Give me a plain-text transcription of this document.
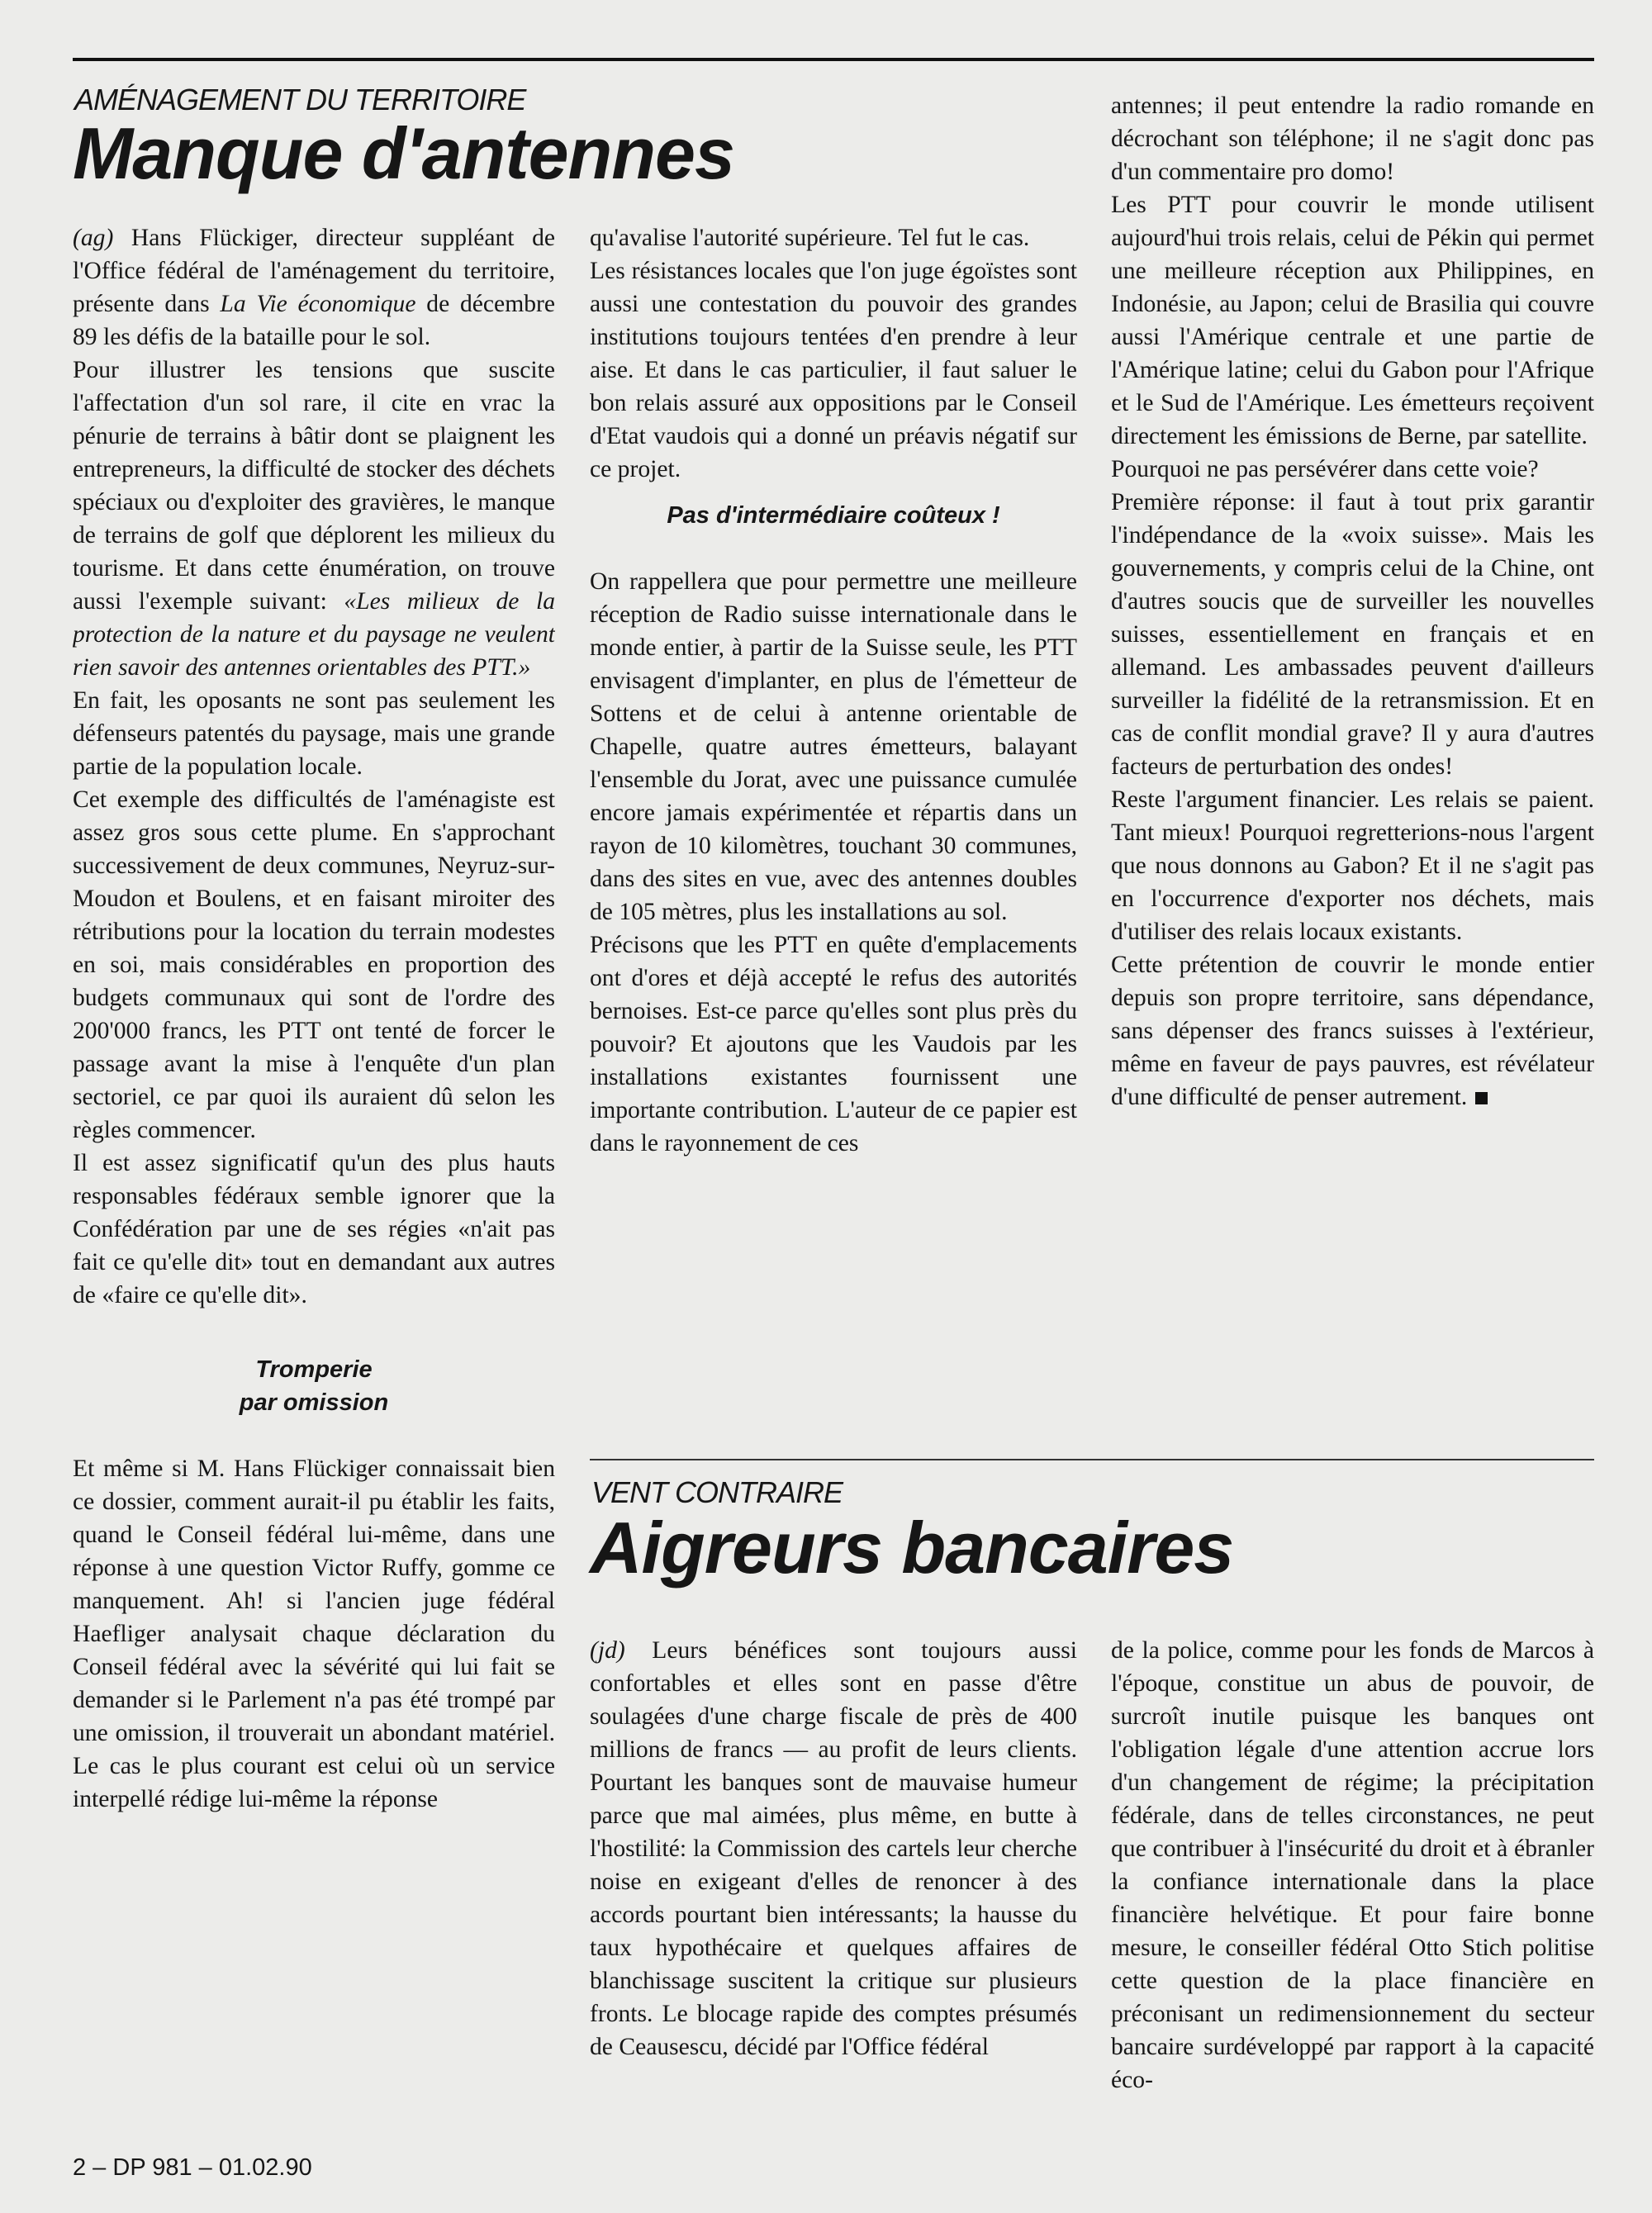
AMÉNAGEMENT DU TERRITOIRE
Manque d'antennes

(ag) Hans Flückiger, directeur suppléant de l'Office fédéral de l'aménagement du territoire, présente dans La Vie économique de décembre 89 les défis de la bataille pour le sol.

Pour illustrer les tensions que suscite l'affectation d'un sol rare, il cite en vrac la pénurie de terrains à bâtir dont se plaignent les entrepreneurs, la difficulté de stocker des déchets spéciaux ou d'exploiter des gravières, le manque de terrains de golf que déplorent les milieux du tourisme. Et dans cette énumération, on trouve aussi l'exemple suivant: «Les milieux de la protection de la nature et du paysage ne veulent rien savoir des antennes orientables des PTT.»

En fait, les oposants ne sont pas seulement les défenseurs patentés du paysage, mais une grande partie de la population locale.

Cet exemple des difficultés de l'aménagiste est assez gros sous cette plume. En s'approchant successivement de deux communes, Neyruz-sur-Moudon et Boulens, et en faisant miroiter des rétributions pour la location du terrain modestes en soi, mais considérables en proportion des budgets communaux qui sont de l'ordre des 200'000 francs, les PTT ont tenté de forcer le passage avant la mise à l'enquête d'un plan sectoriel, ce par quoi ils auraient dû selon les règles commencer.

Il est assez significatif qu'un des plus hauts responsables fédéraux semble ignorer que la Confédération par une de ses régies «n'ait pas fait ce qu'elle dit» tout en demandant aux autres de «faire ce qu'elle dit».

Tromperie

par omission

Et même si M. Hans Flückiger connaissait bien ce dossier, comment aurait-il pu établir les faits, quand le Conseil fédéral lui-même, dans une réponse à une question Victor Ruffy, gomme ce manquement. Ah! si l'ancien juge fédéral Haefliger analysait chaque déclaration du Conseil fédéral avec la sévérité qui lui fait se demander si le Parlement n'a pas été trompé par une omission, il trouverait un abondant matériel. Le cas le plus courant est celui où un service interpellé rédige lui-même la réponse

qu'avalise l'autorité supérieure. Tel fut le cas.

Les résistances locales que l'on juge égoïstes sont aussi une contestation du pouvoir des grandes institutions toujours tentées d'en prendre à leur aise. Et dans le cas particulier, il faut saluer le bon relais assuré aux oppositions par le Conseil d'Etat vaudois qui a donné un préavis négatif sur ce projet.

Pas d'intermédiaire coûteux !

On rappellera que pour permettre une meilleure réception de Radio suisse internationale dans le monde entier, à partir de la Suisse seule, les PTT envisagent d'implanter, en plus de l'émetteur de Sottens et de celui à antenne orientable de Chapelle, quatre autres émetteurs, balayant l'ensemble du Jorat, avec une puissance cumulée encore jamais expérimentée et répartis dans un rayon de 10 kilomètres, touchant 30 communes, dans des sites en vue, avec des antennes doubles de 105 mètres, plus les installations au sol.

Précisons que les PTT en quête d'emplacements ont d'ores et déjà accepté le refus des autorités bernoises. Est-ce parce qu'elles sont plus près du pouvoir? Et ajoutons que les Vaudois par les installations existantes fournissent une importante contribution. L'auteur de ce papier est dans le rayonnement de ces

antennes; il peut entendre la radio romande en décrochant son téléphone; il ne s'agit donc pas d'un commentaire pro domo!

Les PTT pour couvrir le monde utilisent aujourd'hui trois relais, celui de Pékin qui permet une meilleure réception aux Philippines, en Indonésie, au Japon; celui de Brasilia qui couvre aussi l'Amérique centrale et une partie de l'Amérique latine; celui du Gabon pour l'Afrique et le Sud de l'Amérique. Les émetteurs reçoivent directement les émissions de Berne, par satellite.

Pourquoi ne pas persévérer dans cette voie?

Première réponse: il faut à tout prix garantir l'indépendance de la «voix suisse». Mais les gouvernements, y compris celui de la Chine, ont d'autres soucis que de surveiller les nouvelles suisses, essentiellement en français et en allemand. Les ambassades peuvent d'ailleurs surveiller la fidélité de la retransmission. Et en cas de conflit mondial grave? Il y aura d'autres facteurs de perturbation des ondes!

Reste l'argument financier. Les relais se paient. Tant mieux! Pourquoi regretterions-nous l'argent que nous donnons au Gabon? Et il ne s'agit pas en l'occurrence d'exporter nos déchets, mais d'utiliser des relais locaux existants.

Cette prétention de couvrir le monde entier depuis son propre territoire, sans dépendance, sans dépenser des francs suisses à l'extérieur, même en faveur de pays pauvres, est révélateur d'une difficulté de penser autrement.

VENT CONTRAIRE
Aigreurs bancaires

(jd) Leurs bénéfices sont toujours aussi confortables et elles sont en passe d'être soulagées d'une charge fiscale de près de 400 millions de francs — au profit de leurs clients. Pourtant les banques sont de mauvaise humeur parce que mal aimées, plus même, en butte à l'hostilité: la Commission des cartels leur cherche noise en exigeant d'elles de renoncer à des accords pourtant bien intéressants; la hausse du taux hypothécaire et quelques affaires de blanchissage suscitent la critique sur plusieurs fronts. Le blocage rapide des comptes présumés de Ceausescu, décidé par l'Office fédéral

de la police, comme pour les fonds de Marcos à l'époque, constitue un abus de pouvoir, de surcroît inutile puisque les banques ont l'obligation légale d'une attention accrue lors d'un changement de régime; la précipitation fédérale, dans de telles circonstances, ne peut que contribuer à l'insécurité du droit et à ébranler la confiance internationale dans la place financière helvétique. Et pour faire bonne mesure, le conseiller fédéral Otto Stich politise cette question de la place financière en préconisant un redimensionnement du secteur bancaire surdéveloppé par rapport à la capacité éco-

2 – DP 981 – 01.02.90
